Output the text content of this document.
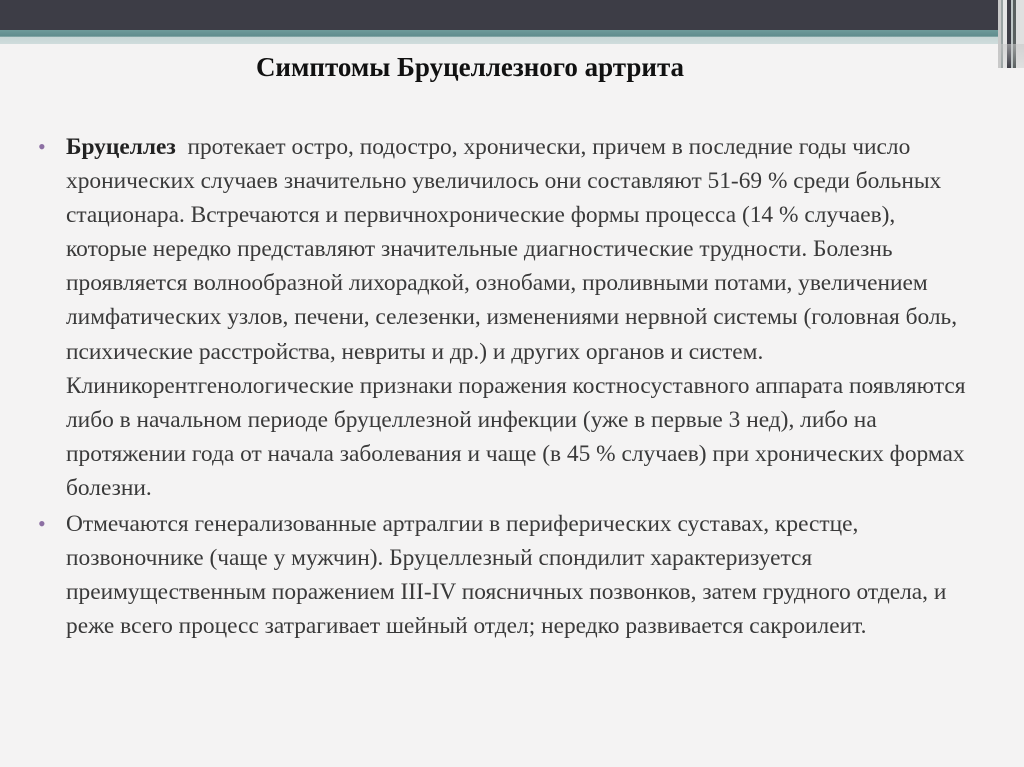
Симптомы Бруцеллезного артрита
• Бруцеллез протекает остро, подостро, хронически, причем в последние годы число хронических случаев значительно увеличилось они составляют 51-69 % среди больных стационара. Встречаются и первичнохронические формы процесса (14 % случаев), которые нередко представляют значительные диагностические трудности. Болезнь проявляется волнообразной лихорадкой, ознобами, проливными потами, увеличением лимфатических узлов, печени, селезенки, изменениями нервной системы (головная боль, психические расстройства, невриты и др.) и других органов и систем. Клиникорентгенологические признаки поражения костносуставного аппарата появляются либо в начальном периоде бруцеллезной инфекции (уже в первые 3 нед), либо на протяжении года от начала заболевания и чаще (в 45 % случаев) при хронических формах болезни.
• Отмечаются генерализованные артралгии в периферических суставах, крестце, позвоночнике (чаще у мужчин). Бруцеллезный спондилит характеризуется преимущественным поражением III-IV поясничных позвонков, затем грудного отдела, и реже всего процесс затрагивает шейный отдел; нередко развивается сакроилеит.
